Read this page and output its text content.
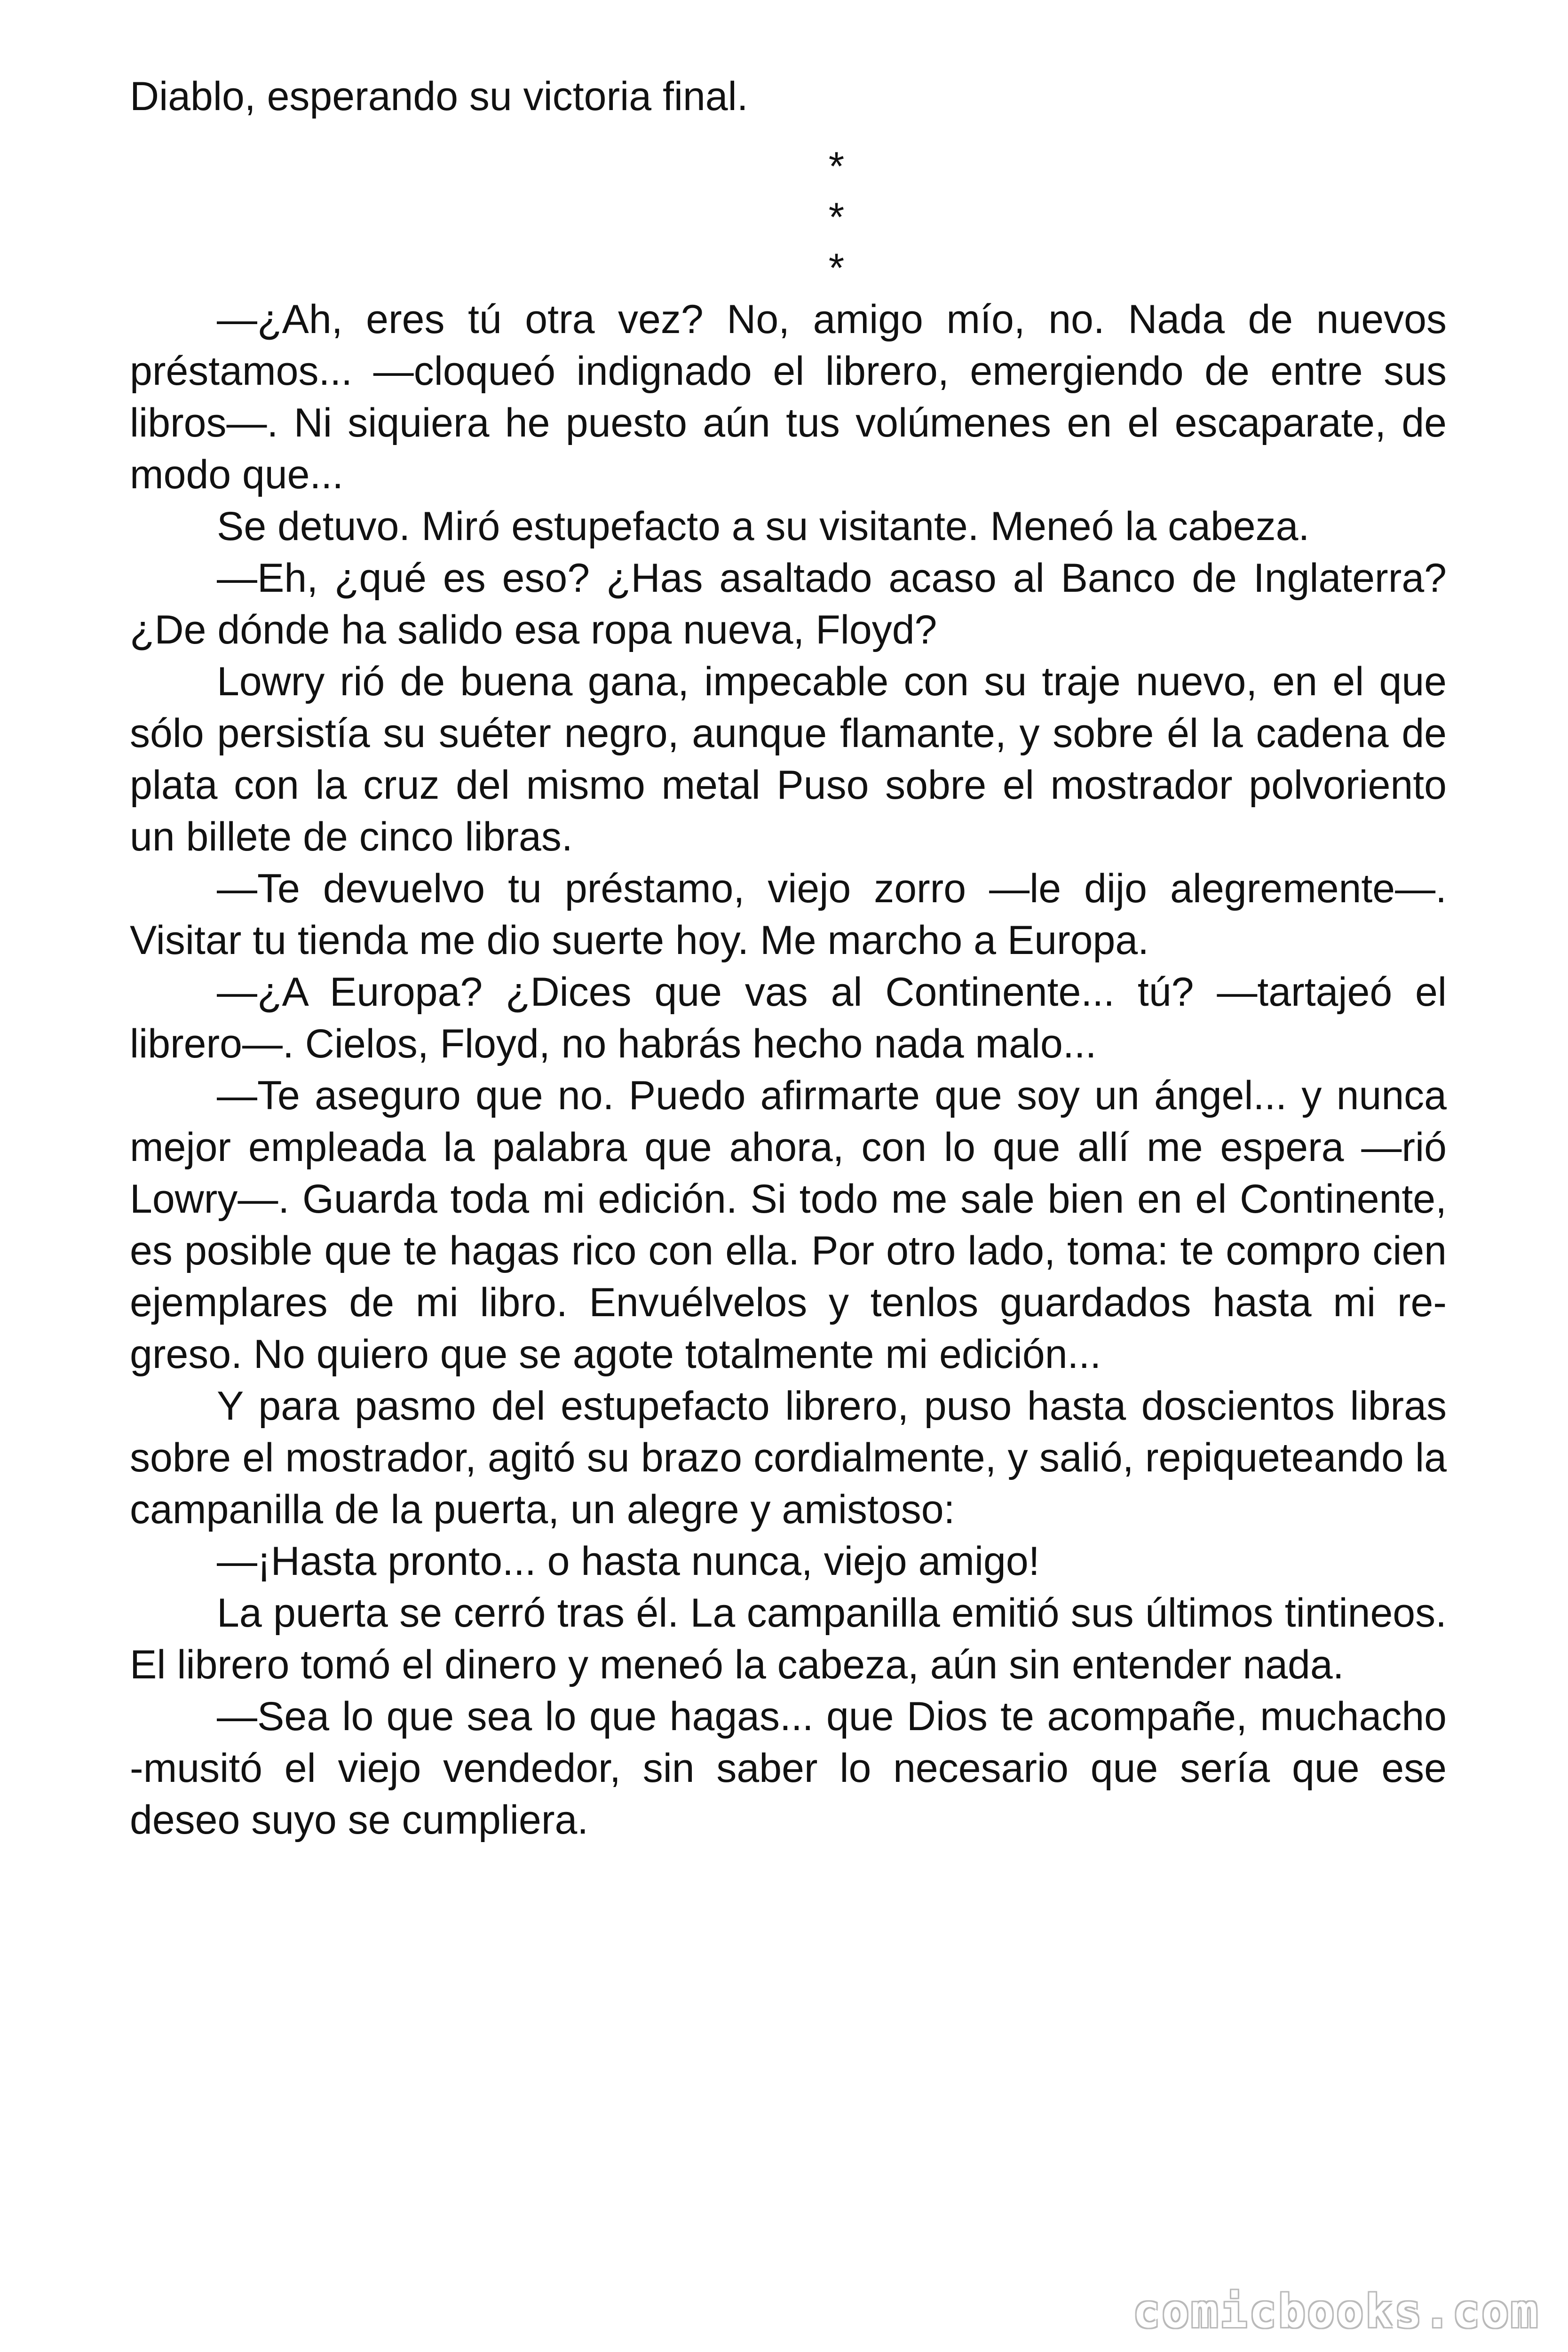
Diablo, esperando su victoria final.

*
*
*

—¿Ah, eres tú otra vez? No, amigo mío, no. Nada de nuevos préstamos... —cloqueó indignado el librero, emergiendo de entre sus libros—. Ni siquiera he puesto aún tus volúmenes en el escaparate, de modo que...

Se detuvo. Miró estupefacto a su visitante. Meneó la cabeza.

—Eh, ¿qué es eso? ¿Has asaltado acaso al Banco de Inglaterra? ¿De dónde ha salido esa ropa nueva, Floyd?

Lowry rió de buena gana, impecable con su traje nuevo, en el que sólo persistía su suéter negro, aunque flamante, y sobre él la cadena de plata con la cruz del mismo metal Puso sobre el mostrador polvoriento un billete de cinco libras.

—Te devuelvo tu préstamo, viejo zorro —le dijo alegremente—. Visitar tu tienda me dio suerte hoy. Me marcho a Europa.

—¿A Europa? ¿Dices que vas al Continente... tú? —tartajeó el librero—. Cielos, Floyd, no habrás hecho nada malo...

—Te aseguro que no. Puedo afirmarte que soy un ángel... y nunca mejor empleada la palabra que ahora, con lo que allí me espera —rió Lowry—. Guarda toda mi edición. Si todo me sale bien en el Continente, es posible que te hagas rico con ella. Por otro lado, toma: te compro cien ejemplares de mi libro. Envuélvelos y tenlos guardados hasta mi re- greso. No quiero que se agote totalmente mi edición...

Y para pasmo del estupefacto librero, puso hasta doscientos libras sobre el mostrador, agitó su brazo cordialmente, y salió, repiqueteando la campanilla de la puerta, un alegre y amistoso:

—¡Hasta pronto... o hasta nunca, viejo amigo!

La puerta se cerró tras él. La campanilla emitió sus últimos tintineos. El librero tomó el dinero y meneó la cabeza, aún sin entender nada.

—Sea lo que sea lo que hagas... que Dios te acompañe, muchacho -musitó el viejo vendedor, sin saber lo necesario que sería que ese deseo suyo se cumpliera.

comicbooks.com
